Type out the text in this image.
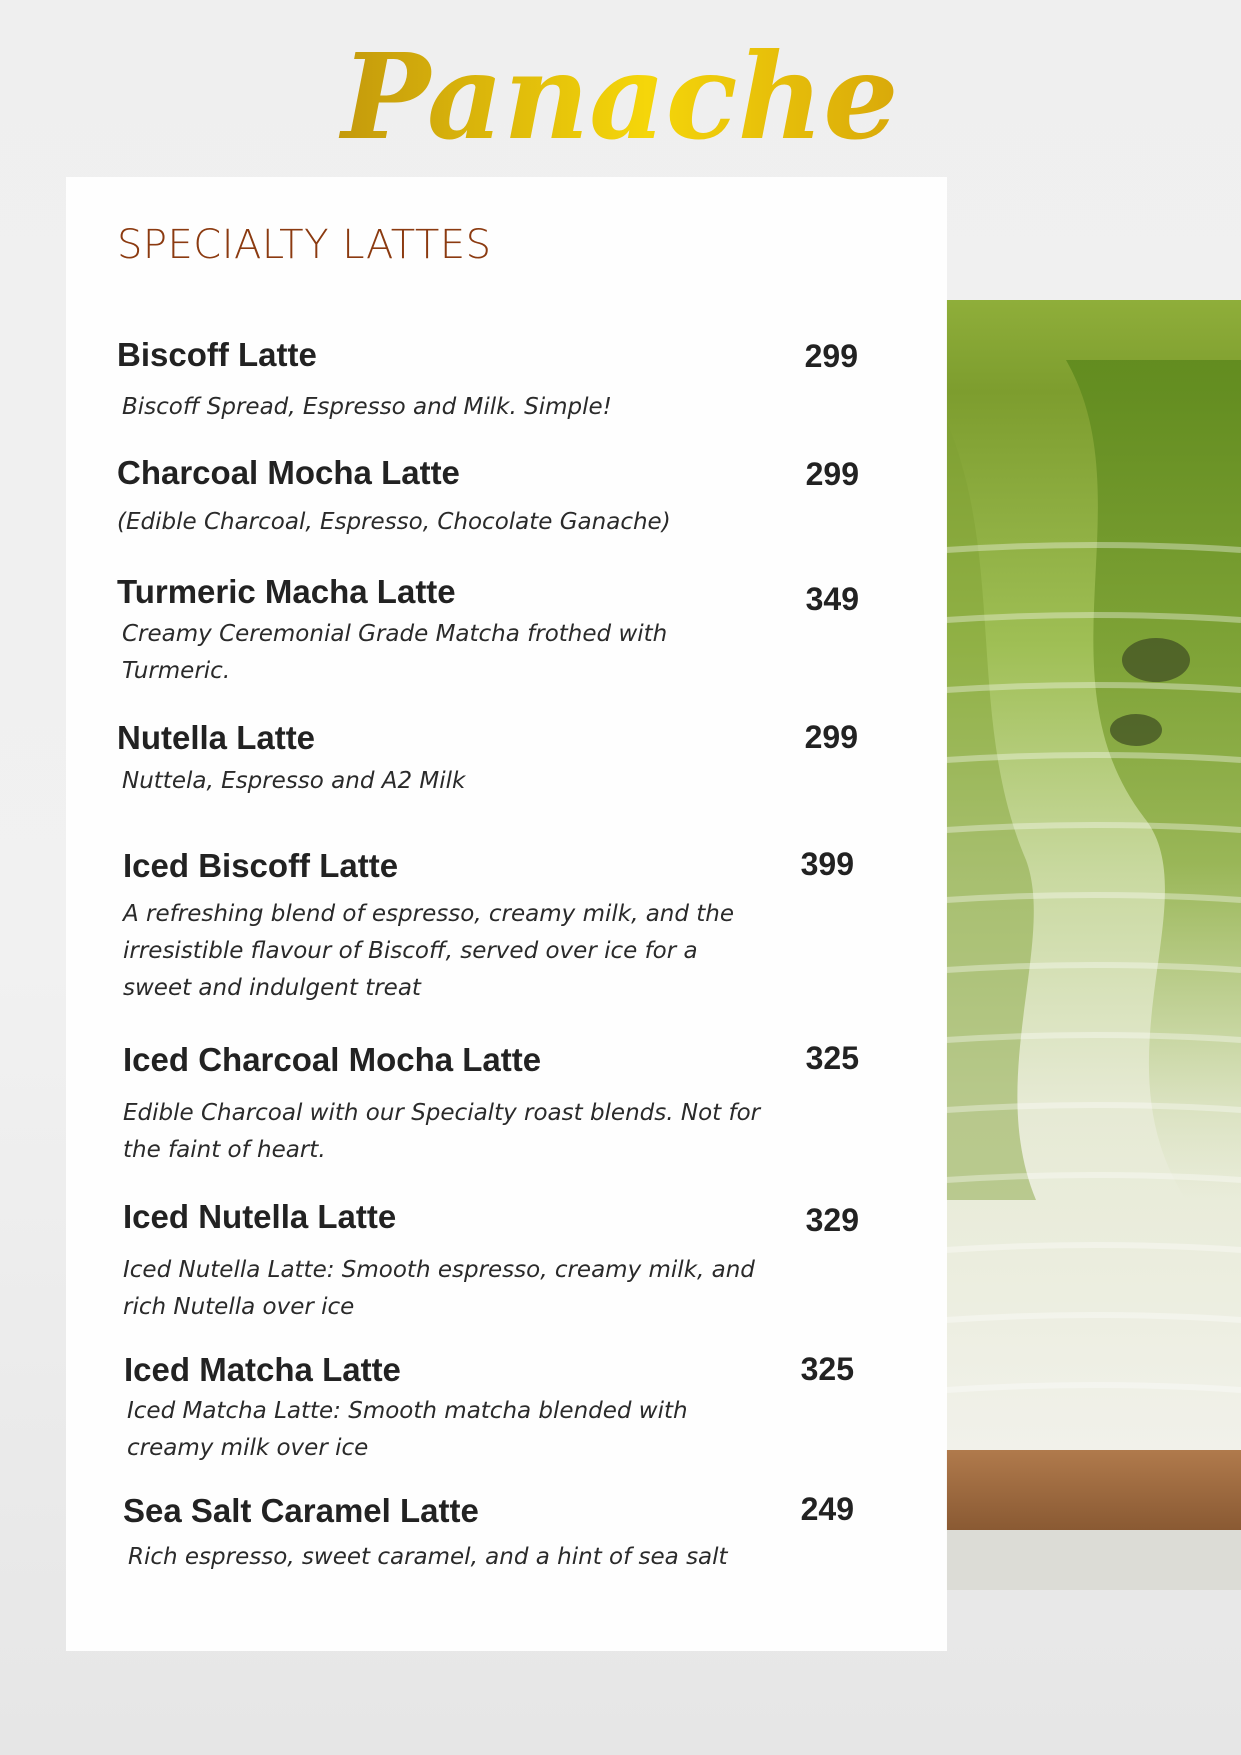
Panache
SPECIALTY LATTES
Biscoff Latte	299
Biscoff Spread, Espresso and Milk. Simple!
Charcoal Mocha Latte	299
(Edible Charcoal, Espresso, Chocolate Ganache)
Turmeric Macha Latte	349
Creamy Ceremonial Grade Matcha frothed with Turmeric.
Nutella Latte	299
Nuttela, Espresso and A2 Milk
Iced Biscoff Latte	399
A refreshing blend of espresso, creamy milk, and the irresistible flavour of Biscoff, served over ice for a sweet and indulgent treat
Iced Charcoal Mocha Latte	325
Edible Charcoal with our Specialty roast blends. Not for the faint of heart.
Iced Nutella Latte	329
Iced Nutella Latte: Smooth espresso, creamy milk, and rich Nutella over ice
Iced Matcha Latte	325
Iced Matcha Latte: Smooth matcha blended with creamy milk over ice
Sea Salt Caramel Latte	249
Rich espresso, sweet caramel, and a hint of sea salt
